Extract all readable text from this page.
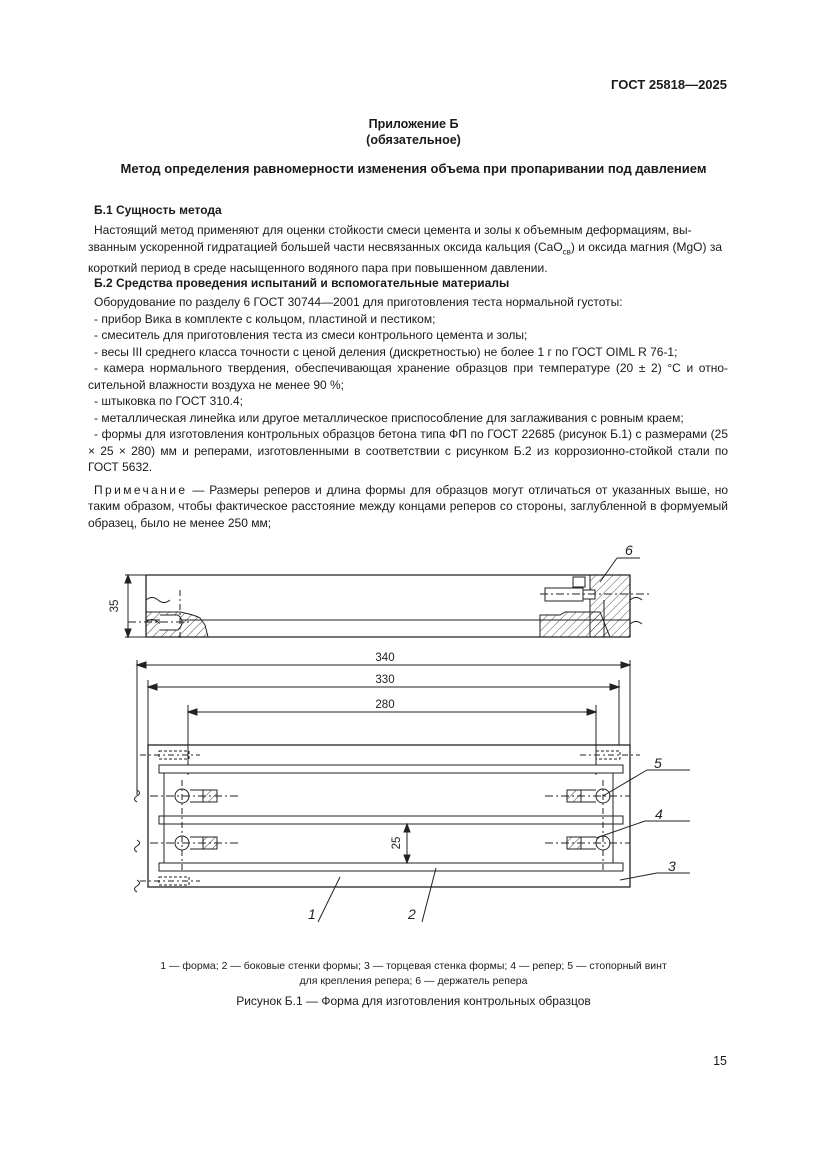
ГОСТ 25818—2025
Приложение Б
(обязательное)
Метод определения равномерности изменения объема при пропаривании под давлением
Б.1 Сущность метода

Настоящий метод применяют для оценки стойкости смеси цемента и золы к объемным деформациям, вы-

званным ускоренной гидратацией большей части несвязанных оксида кальция (CaO$_{св}$) и оксида магния (MgO) за

короткий период в среде насыщенного водяного пара при повышенном давлении.

Б.2 Средства проведения испытаний и вспомогательные материалы

Оборудование по разделу 6 ГОСТ 30744—2001 для приготовления теста нормальной густоты:

- прибор Вика в комплекте с кольцом, пластиной и пестиком;

- смеситель для приготовления теста из смеси контрольного цемента и золы;

- весы III среднего класса точности с ценой деления (дискретностью) не более 1 г по ГОСТ OIML R 76-1;

- камера нормального твердения, обеспечивающая хранение образцов при температуре (20 ± 2) °С и отно-сительной влажности воздуха не менее 90 %;

- штыковка по ГОСТ 310.4;

- металлическая линейка или другое металлическое приспособление для заглаживания с ровным краем;

- формы для изготовления контрольных образцов бетона типа ФП по ГОСТ 22685 (рисунок Б.1) с размерами (25 × 25 × 280) мм и реперами, изготовленными в соответствии с рисунком Б.2 из коррозионно-стойкой стали по ГОСТ 5632.

Примечание — Размеры реперов и длина формы для образцов могут отличаться от указанных выше, но таким образом, чтобы фактическое расстояние между концами реперов со стороны, заглубленной в формуемый образец, было не менее 250 мм;

35
340
330
280
25
6
5
4
3
1	2
1 — форма; 2 — боковые стенки формы; 3 — торцевая стенка формы; 4 — репер; 5 — стопорный винт
для крепления репера; 6 — держатель репера
Рисунок Б.1 — Форма для изготовления контрольных образцов
15
